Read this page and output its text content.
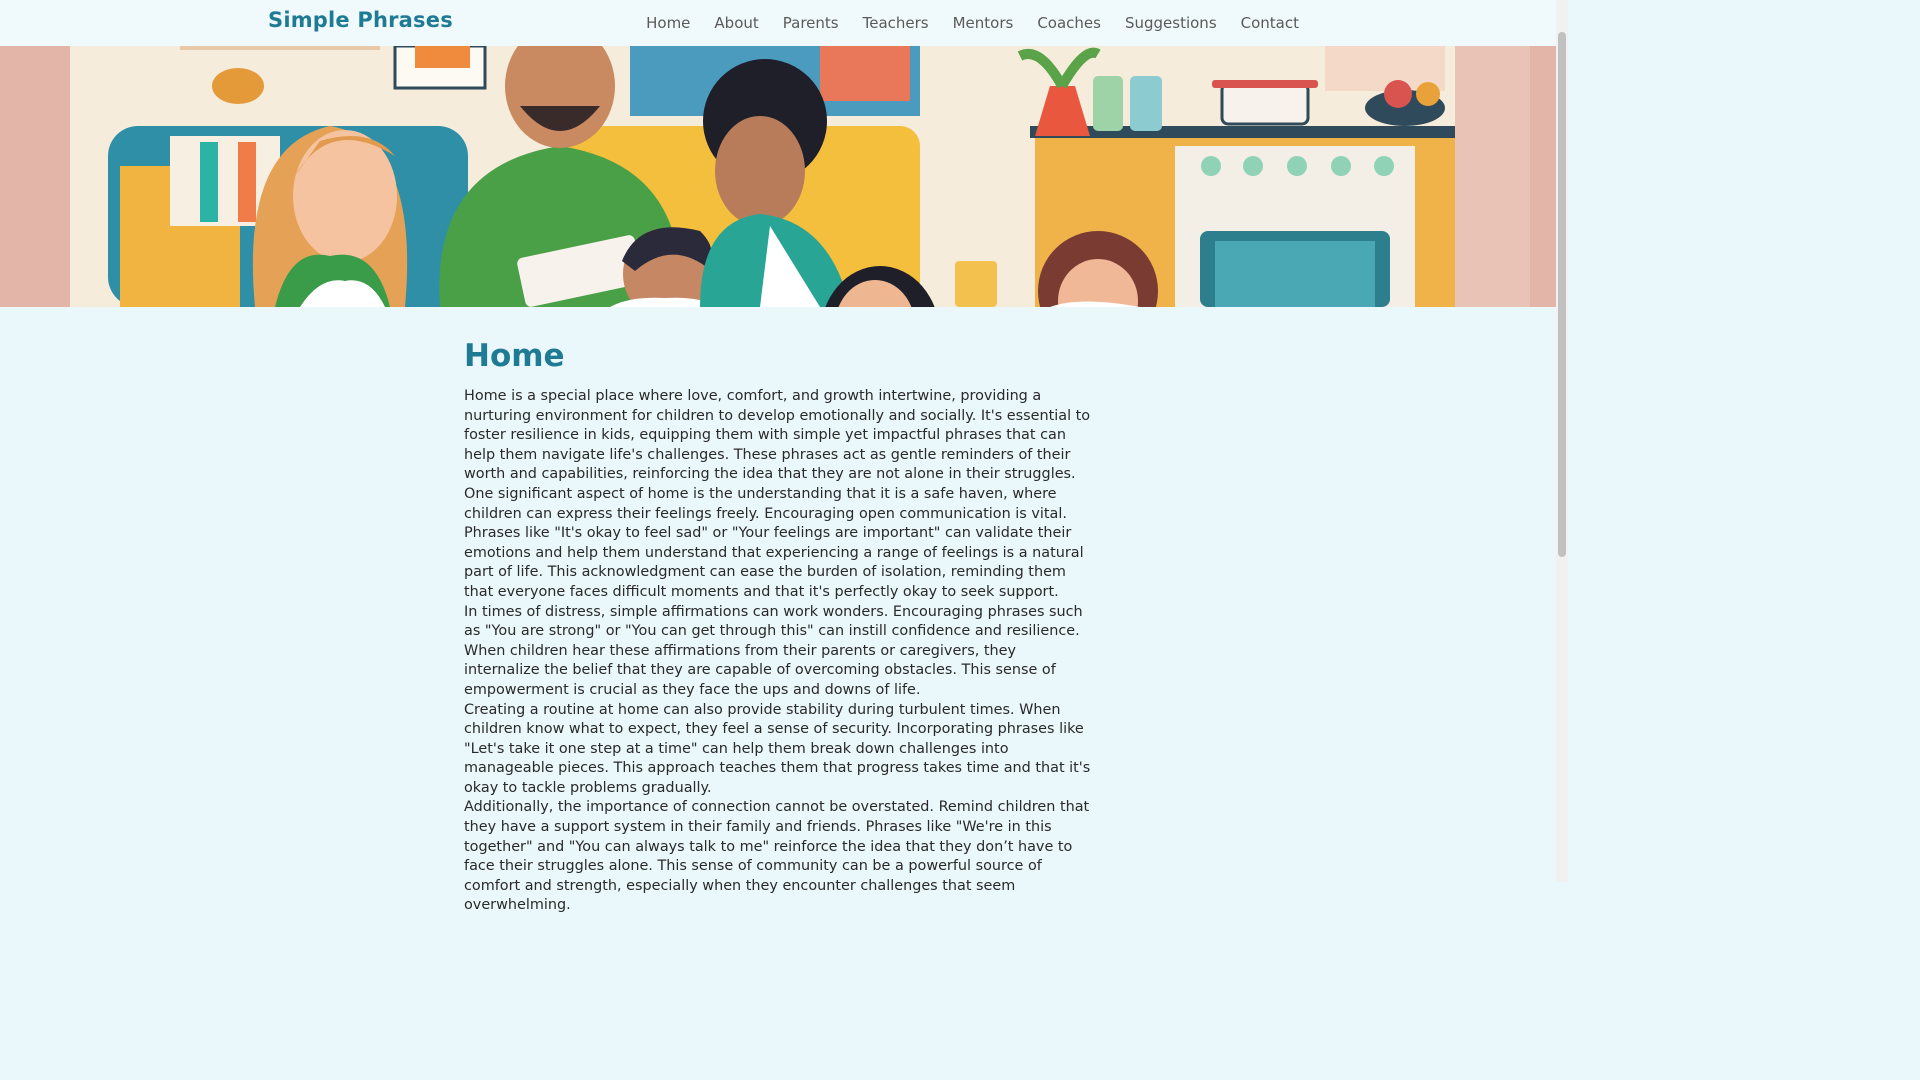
Simple Phrases	Home About Parents Teachers Mentors Coaches Suggestions Contact
Home

Home is a special place where love, comfort, and growth intertwine, providing a nurturing environment for children to develop emotionally and socially. It's essential to foster resilience in kids, equipping them with simple yet impactful phrases that can help them navigate life's challenges. These phrases act as gentle reminders of their worth and capabilities, reinforcing the idea that they are not alone in their struggles.

One significant aspect of home is the understanding that it is a safe haven, where children can express their feelings freely. Encouraging open communication is vital. Phrases like "It's okay to feel sad" or "Your feelings are important" can validate their emotions and help them understand that experiencing a range of feelings is a natural part of life. This acknowledgment can ease the burden of isolation, reminding them that everyone faces difficult moments and that it's perfectly okay to seek support.

In times of distress, simple affirmations can work wonders. Encouraging phrases such as "You are strong" or "You can get through this" can instill confidence and resilience. When children hear these affirmations from their parents or caregivers, they internalize the belief that they are capable of overcoming obstacles. This sense of empowerment is crucial as they face the ups and downs of life.

Creating a routine at home can also provide stability during turbulent times. When children know what to expect, they feel a sense of security. Incorporating phrases like "Let's take it one step at a time" can help them break down challenges into manageable pieces. This approach teaches them that progress takes time and that it's okay to tackle problems gradually.

Additionally, the importance of connection cannot be overstated. Remind children that they have a support system in their family and friends. Phrases like "We're in this together" and "You can always talk to me" reinforce the idea that they don’t have to face their struggles alone. This sense of community can be a powerful source of comfort and strength, especially when they encounter challenges that seem overwhelming.
